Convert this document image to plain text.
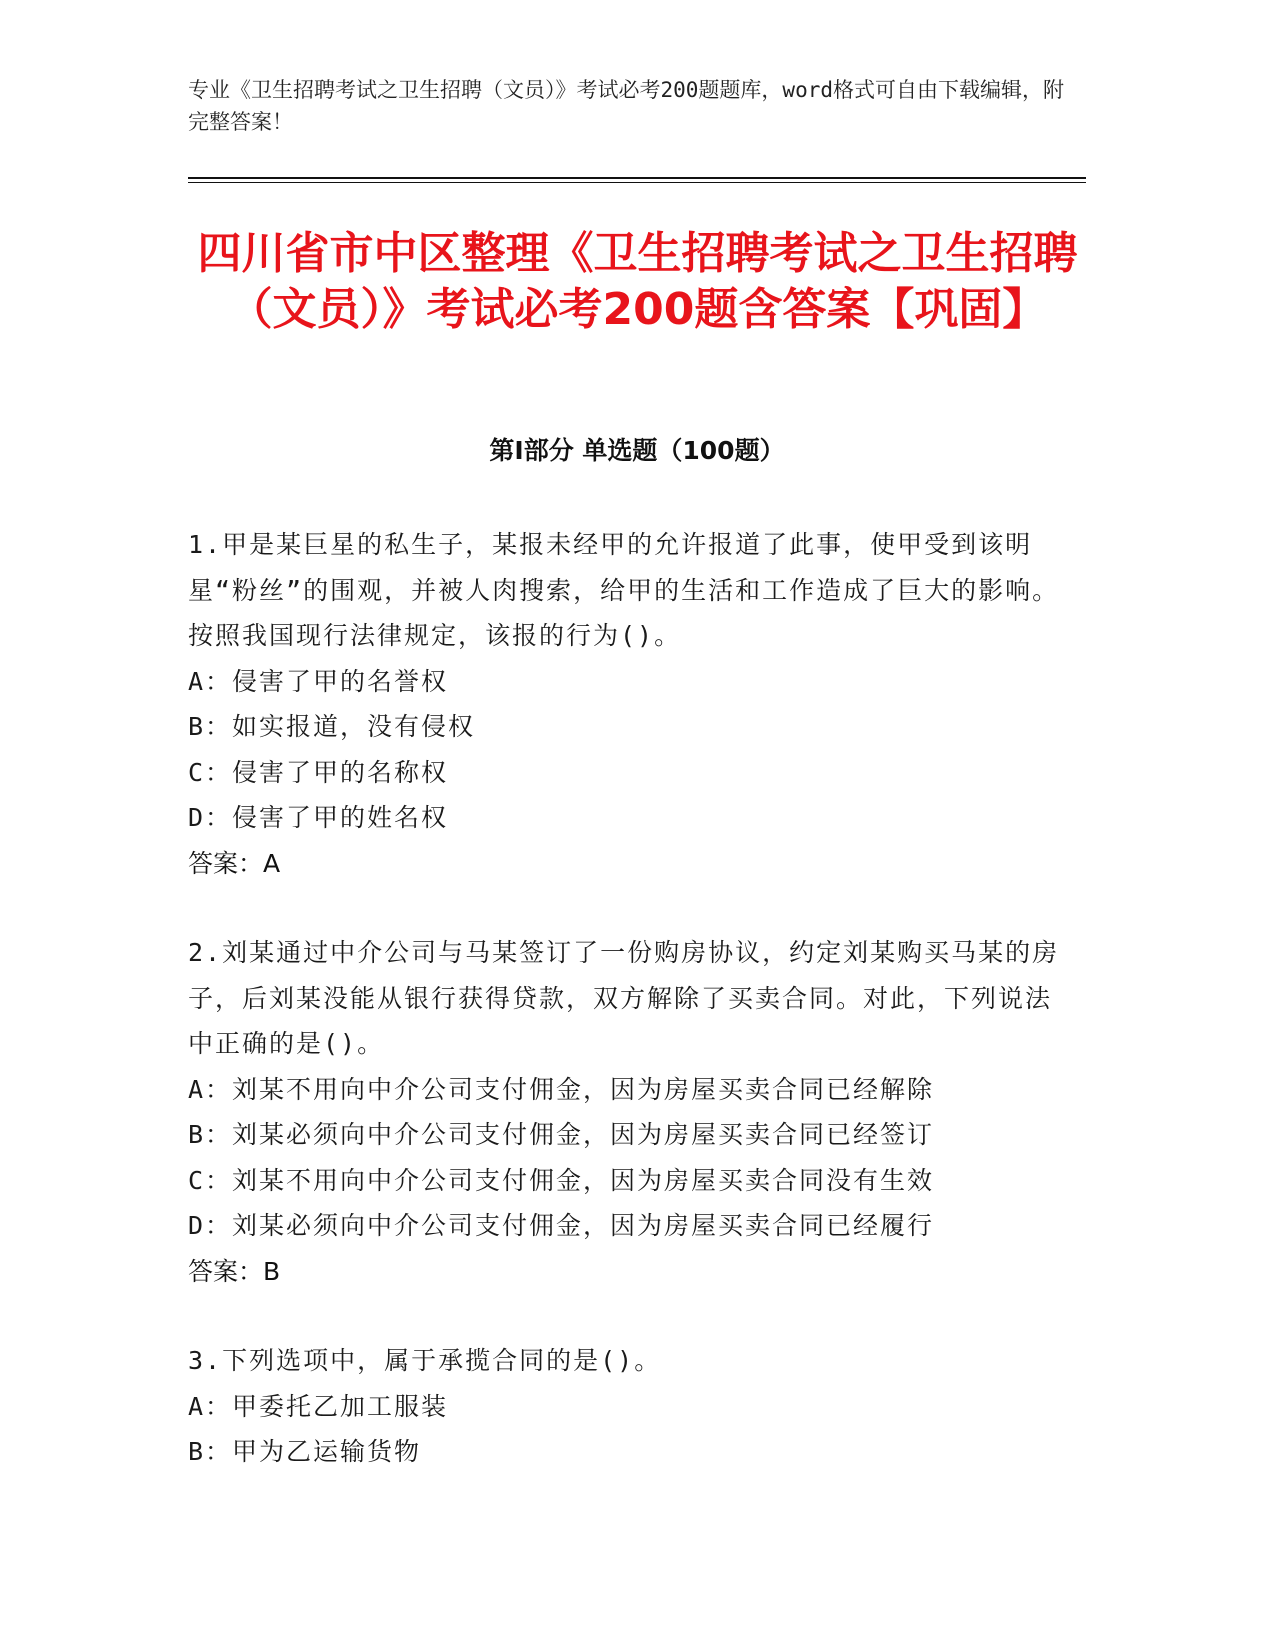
专业《卫生招聘考试之卫生招聘（文员）》考试必考200题题库，word格式可自由下载编辑，附完整答案！
四川省市中区整理《卫生招聘考试之卫生招聘（文员）》考试必考200题含答案【巩固】
第I部分 单选题（100题）

1.甲是某巨星的私生子，某报未经甲的允许报道了此事，使甲受到该明星“粉丝”的围观，并被人肉搜索，给甲的生活和工作造成了巨大的影响。按照我国现行法律规定，该报的行为()。

A：侵害了甲的名誉权

B：如实报道，没有侵权

C：侵害了甲的名称权

D：侵害了甲的姓名权

答案：A

2.刘某通过中介公司与马某签订了一份购房协议，约定刘某购买马某的房子，后刘某没能从银行获得贷款，双方解除了买卖合同。对此，下列说法中正确的是()。

A：刘某不用向中介公司支付佣金，因为房屋买卖合同已经解除

B：刘某必须向中介公司支付佣金，因为房屋买卖合同已经签订

C：刘某不用向中介公司支付佣金，因为房屋买卖合同没有生效

D：刘某必须向中介公司支付佣金，因为房屋买卖合同已经履行

答案：B

3.下列选项中，属于承揽合同的是()。

A：甲委托乙加工服装

B：甲为乙运输货物
